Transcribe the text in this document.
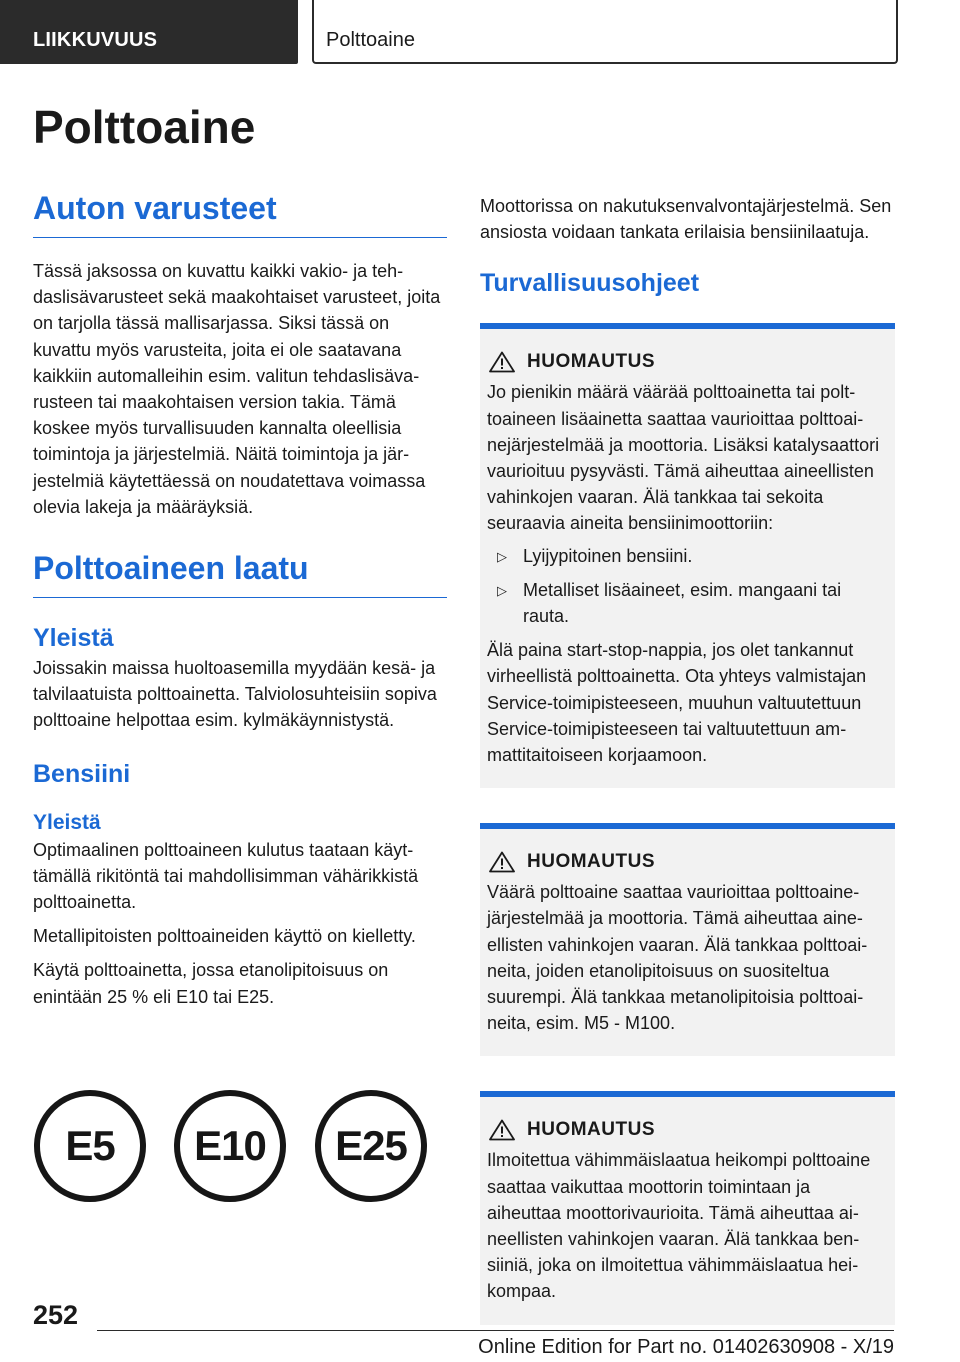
LIIKKUVUUS	Polttoaine
Polttoaine
Auton varusteet

Tässä jaksossa on kuvattu kaikki vakio- ja tehdaslisävarusteet sekä maakohtaiset varusteet, joita on tarjolla tässä mallisarjassa. Siksi tässä on kuvattu myös varusteita, joita ei ole saatavana kaikkiin automalleihin esim. valitun tehdaslisävarusteen tai maakohtaisen version takia. Tämä koskee myös turvallisuuden kannalta oleellisia toimintoja ja järjestelmiä. Näitä toimintoja ja järjestelmiä käytettäessä on noudatettava voimassa olevia lakeja ja määräyksiä.

Polttoaineen laatu
Yleistä

Joissakin maissa huoltoasemilla myydään kesä- ja talvilaatuista polttoainetta. Talviolosuhteisiin sopiva polttoaine helpottaa esim. kylmäkäynnistystä.

Bensiini
Yleistä

Optimaalinen polttoaineen kulutus taataan käyttämällä rikitöntä tai mahdollisimman vähärikkistä polttoainetta.

Metallipitoisten polttoaineiden käyttö on kielletty.

Käytä polttoainetta, jossa etanolipitoisuus on enintään 25 % eli E10 tai E25.

E5 E10 E25

Moottorissa on nakutuksenvalvontajärjestelmä. Sen ansiosta voidaan tankata erilaisia bensiinilaatuja.

Turvallisuusohjeet
HUOMAUTUS

Jo pienikin määrä väärää polttoainetta tai polttoaineen lisäainetta saattaa vaurioittaa polttoainejärjestelmää ja moottoria. Lisäksi katalysaattori vaurioituu pysyvästi. Tämä aiheuttaa aineellisten vahinkojen vaaran. Älä tankkaa tai sekoita seuraavia aineita bensiinimoottoriin:

▷ Lyijypitoinen bensiini.
▷ Metalliset lisäaineet, esim. mangaani tai rauta.

Älä paina start-stop-nappia, jos olet tankannut virheellistä polttoainetta. Ota yhteys valmistajan Service-toimipisteeseen, muuhun valtuutettuun Service-toimipisteeseen tai valtuutettuun ammattitaitoiseen korjaamoon.

HUOMAUTUS

Väärä polttoaine saattaa vaurioittaa polttoainejärjestelmää ja moottoria. Tämä aiheuttaa aineellisten vahinkojen vaaran. Älä tankkaa polttoaineita, joiden etanolipitoisuus on suositeltua suurempi. Älä tankkaa metanolipitoisia polttoaineita, esim. M5 - M100.

HUOMAUTUS

Ilmoitettua vähimmäislaatua heikompi polttoaine saattaa vaikuttaa moottorin toimintaan ja aiheuttaa moottorivaurioita. Tämä aiheuttaa aineellisten vahinkojen vaaran. Älä tankkaa bensiiniä, joka on ilmoitettua vähimmäislaatua heikompaa.

252
Online Edition for Part no. 01402630908 - X/19
